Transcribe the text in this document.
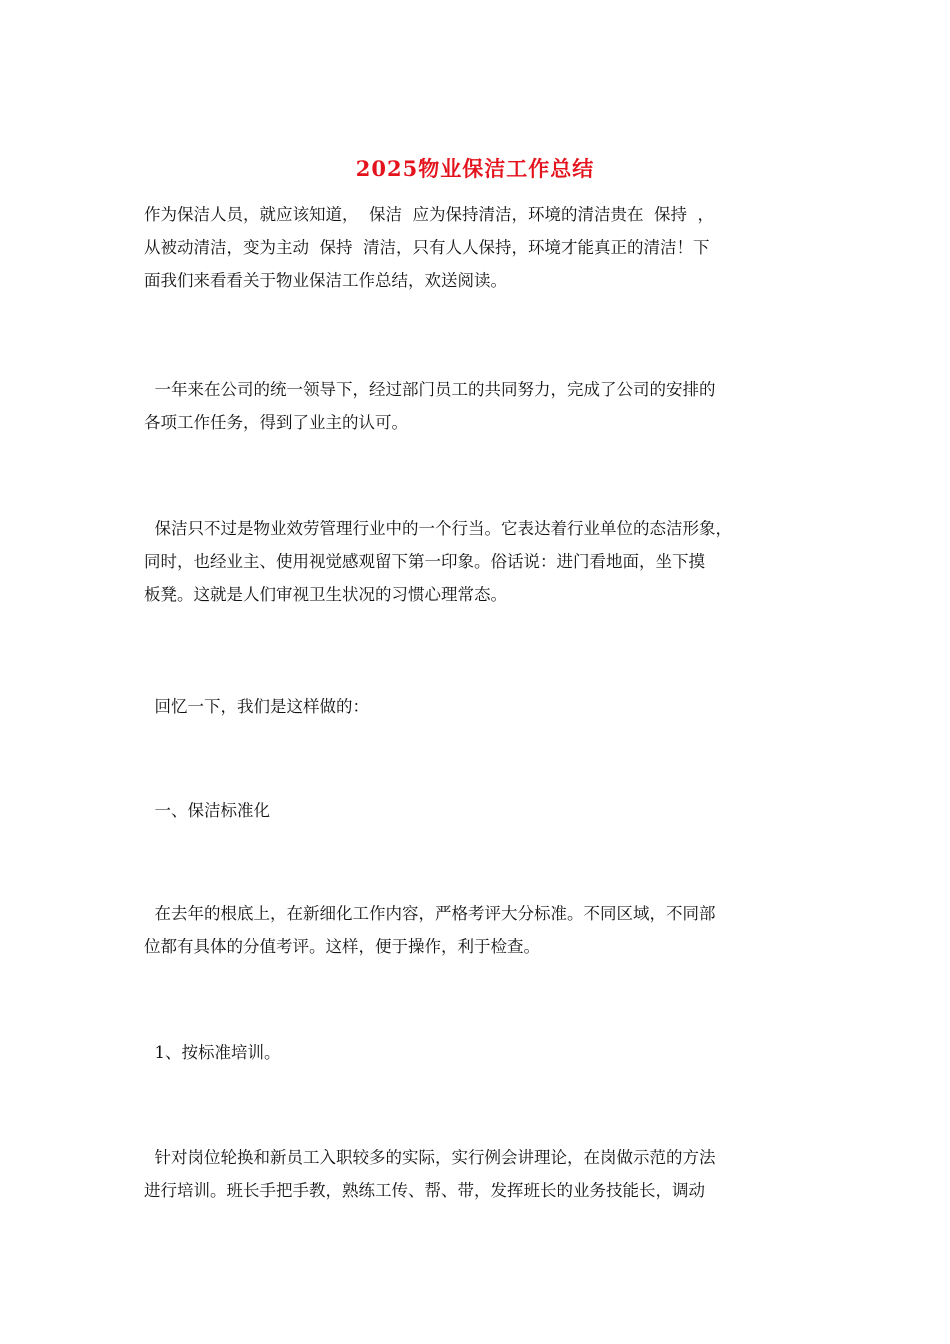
2025物业保洁工作总结

作为保洁人员，就应该知道，  保洁  应为保持清洁，环境的清洁贵在  保持  ，
从被动清洁，变为主动  保持  清洁，只有人人保持，环境才能真正的清洁！下
面我们来看看关于物业保洁工作总结，欢送阅读。

一年来在公司的统一领导下，经过部门员工的共同努力，完成了公司的安排的
各项工作任务，得到了业主的认可。

保洁只不过是物业效劳管理行业中的一个行当。它表达着行业单位的态洁形象，
同时，也经业主、使用视觉感观留下第一印象。俗话说：进门看地面，坐下摸
板凳。这就是人们审视卫生状况的习惯心理常态。

回忆一下，我们是这样做的：

一、保洁标准化

在去年的根底上，在新细化工作内容，严格考评大分标准。不同区域，不同部
位都有具体的分值考评。这样，便于操作，利于检查。

1、按标准培训。

针对岗位轮换和新员工入职较多的实际，实行例会讲理论，在岗做示范的方法
进行培训。班长手把手教，熟练工传、帮、带，发挥班长的业务技能长，调动
